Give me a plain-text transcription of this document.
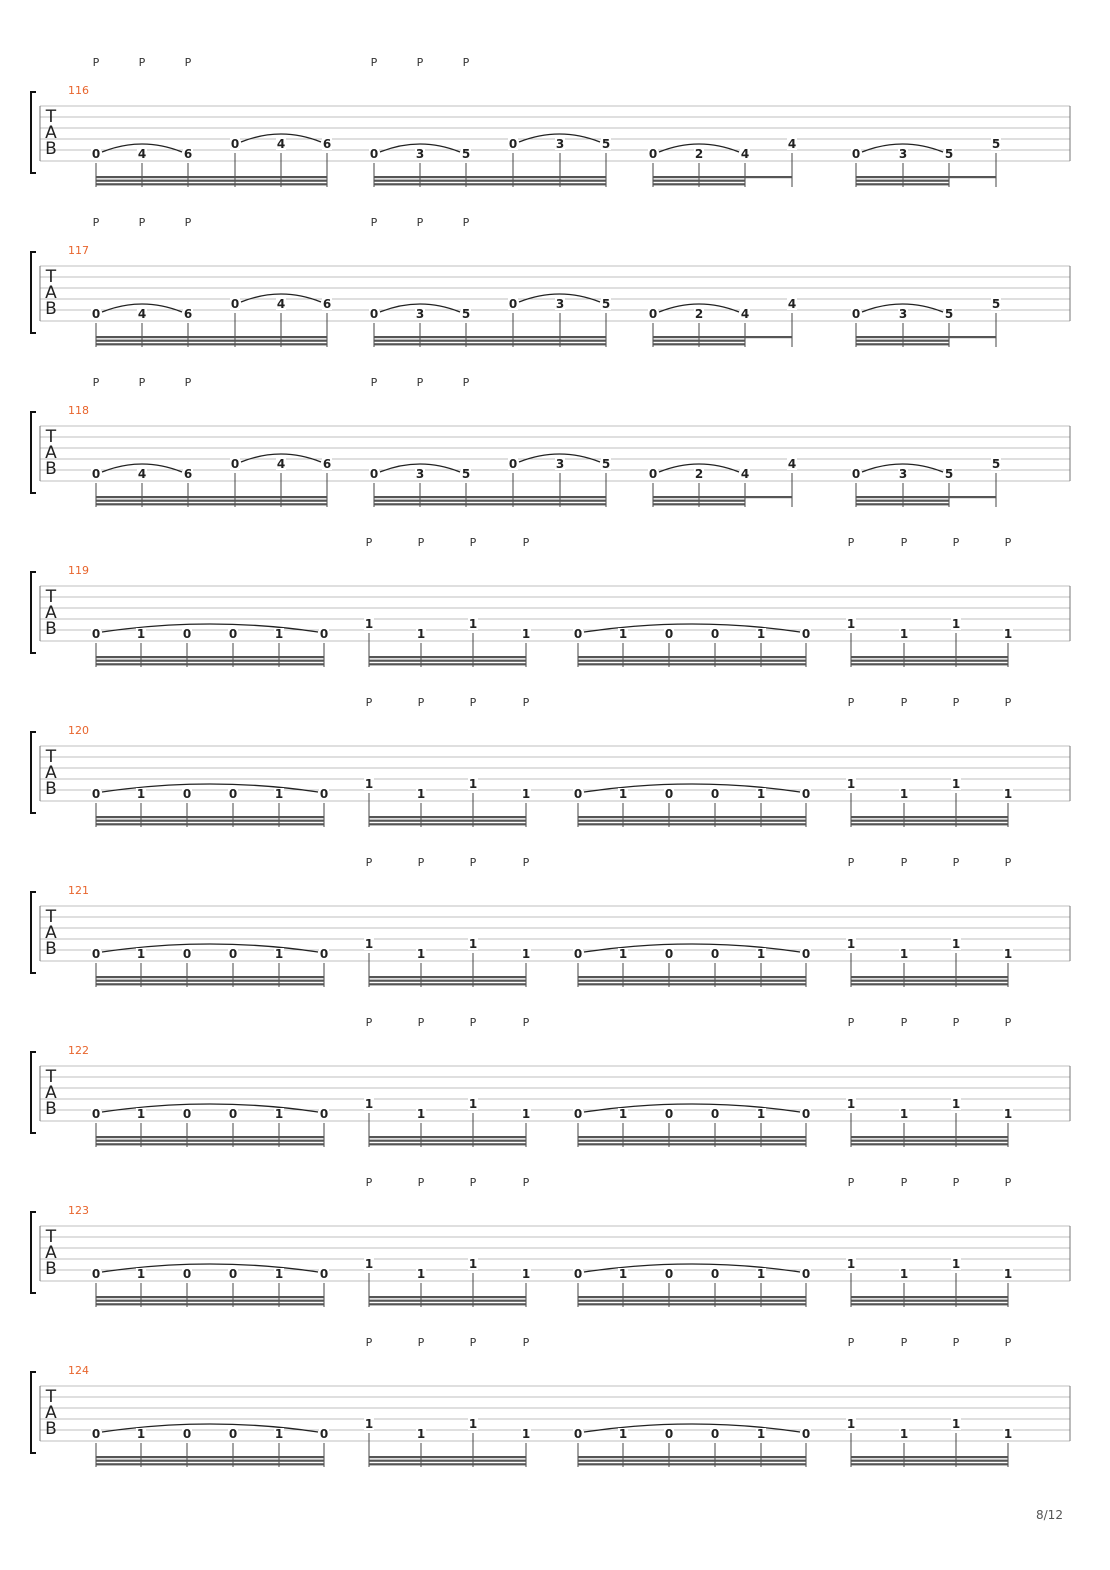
116
T
A
B
P	P	P	P	P	P
0	4	6
0	4	6
0	3	5
0	3	5
0	2	4
4
0	3	5
5
117
T
A
B
P	P	P	P	P	P
0	4	6
0	4	6
0	3	5
0	3	5
0	2	4
4
0	3	5
5
118
T
A
B
P	P	P	P	P	P
0	4	6
0	4	6
0	3	5
0	3	5
0	2	4
4
0	3	5
5
119
T
A
B
P	P	P	P	P	P	P	P
0	1	0	0	1	0
1
1
1
1	0	1	0	0	1	0
1
1
1
1
120
T
A
B
P	P	P	P	P	P	P	P
0	1	0	0	1	0
1
1
1
1	0	1	0	0	1	0
1
1
1
1
121
T
A
B
P	P	P	P	P	P	P	P
0	1	0	0	1	0
1
1
1
1	0	1	0	0	1	0
1
1
1
1
122
T
A
B
P	P	P	P	P	P	P	P
0	1	0	0	1	0
1
1
1
1	0	1	0	0	1	0
1
1
1
1
123
T
A
B
P	P	P	P	P	P	P	P
0	1	0	0	1	0
1
1
1
1	0	1	0	0	1	0
1
1
1
1
124
T
A
B
P	P	P	P	P	P	P	P
0	1	0	0	1	0
1
1
1
1	0	1	0	0	1	0
1
1
1
1
8/12
